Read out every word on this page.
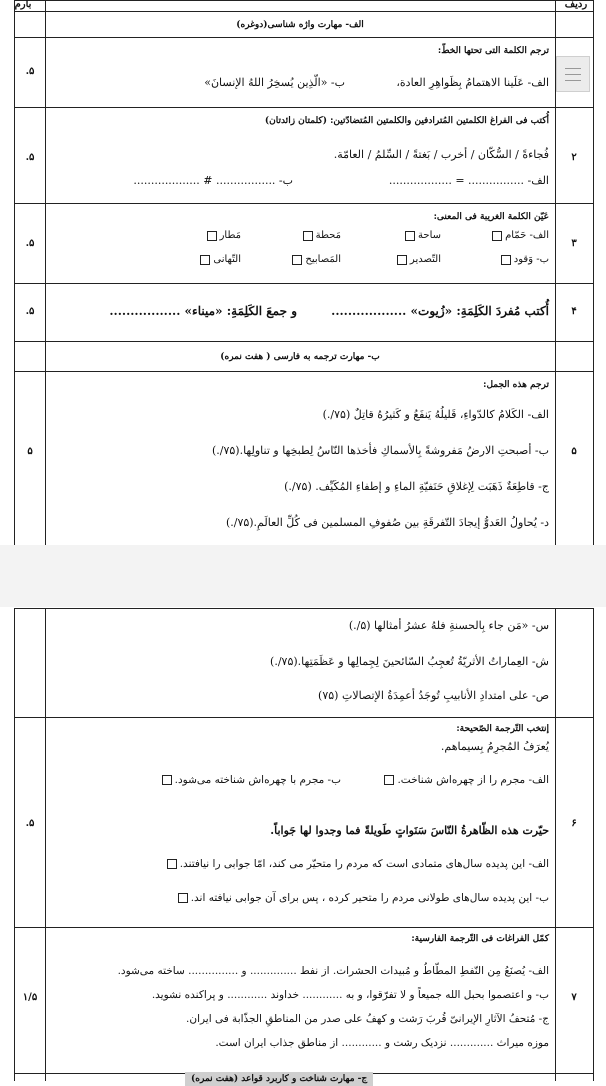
ردیف
بارم
الف- مهارت واژه شناسی(دوغره)
ترجم الکلمة التی تحتها الخطّ:
الف- عَلَینا الاهتمامُ بِظَواهِرِ العادة،
ب- «الّذِین یُسخِرُ اللهُ الإنسانَ»
.۵
أُكتب فی الفراغ الكلمتین المُترادفین والكلمتین المُتضادّتین: (کلمتان زائدتان)
فُجاءةً / السُّكّان / أخرب / بَغتةً / السِّلمُ / العامّة.
الف- ................ = ..................
ب- ................. # ...................
۲
.۵
عَیّن الكلمة الغریبة فی المعنی:
الف- حَمّام
ساحة
مَحطة
مَطار
ب- وَقود
التّصدیر
المَصابیح
التّهانی
۳
.۵
أُكتب مُفردَ الكَلِمَةِ: «زُیوت» ..................
و جمعَ الكَلِمَةِ: «میناء» .................	۴
.۵
ب- مهارت ترجمه به فارسی ( هفت نمره)
ترجم هذه الجمل:
الف- الكَلامُ كالدّواءِ، قَلیلُهُ یَنفَعُ و كَثیرُهُ قاتِلٌ (۷۵/.)
ب- أصبحتِ الارضُ مَفروشةً بِالأسماكِ فأخذها النّاسُ لِطبخِها و تناولِها.(۷۵/.)
ج- قاطِعَةٌ ذَهَبَت لِإغلاقِ حَنَفیّةِ الماءِ و إطفاءِ المُكَیِّف. (۷۵/.)
د- یُحاولُ العَدوُّ إیجادَ التّفرقَةِ بین صُفوفِ المسلمین فی كُلِّ العالَمِ.(۷۵/.)
۵
۵
س- «مَن جاء بِالحسنةِ فلهُ عشرُ أمثالها (۵/.)
ش- العِماراتُ الأثریّةُ تُعجِبُ السّائحینَ لِجِمالِها و عَظَمَتِها.(۷۵/.)
ص- علی امتدادِ الأنابیبِ تُوجَدُ أعمِدَةُ الإتصالاتِ (۷۵)
إنتخب التّرجمة الصّحیحة:
یُعرَفُ المُجرِمُ بِسیماهم.
الف- مجرم را از چهره‌اش شناخت.
ب- مجرم با چهره‌اش شناخته می‌شود.
حیّرت هذه الظّاهرةُ النّاسَ سَنَواتٍ طَویلةً فما وجدوا لها جَواباً.
الف- این پدیده سال‌های متمادی است که مردم را متحیّر می کند، امّا جوابی را نیافتند.
ب- این پدیده سال‌های طولانی مردم را متحیر کرده ، پس برای آن جوابی نیافته اند.
۶
.۵
كمّل الفراغات فی التّرجمة الفارسیة:
الف- یُصنَعُ مِن النّفطِ المطّاطُ و مُبیدات الحشرات. از نفط .............. و ............... ساخته می‌شود.
ب- و اعتصموا بحبل الله جمیعاً و لا تفرّقوا، و به ............ خداوند ............ و پراکنده نشوید.
ج- مُتحفُ الآثارِ الإیرانیّ قُربَ رَشت و كهفُ علی صدر من المناطقِ الجذّابة فی ایران.
موزه میراث ............. نزدیک رشت و ............ از مناطق جذاب ایران است.
۷
۱/۵
ج- مهارت شناخت و کاربرد قواعد (هفت نمره)
